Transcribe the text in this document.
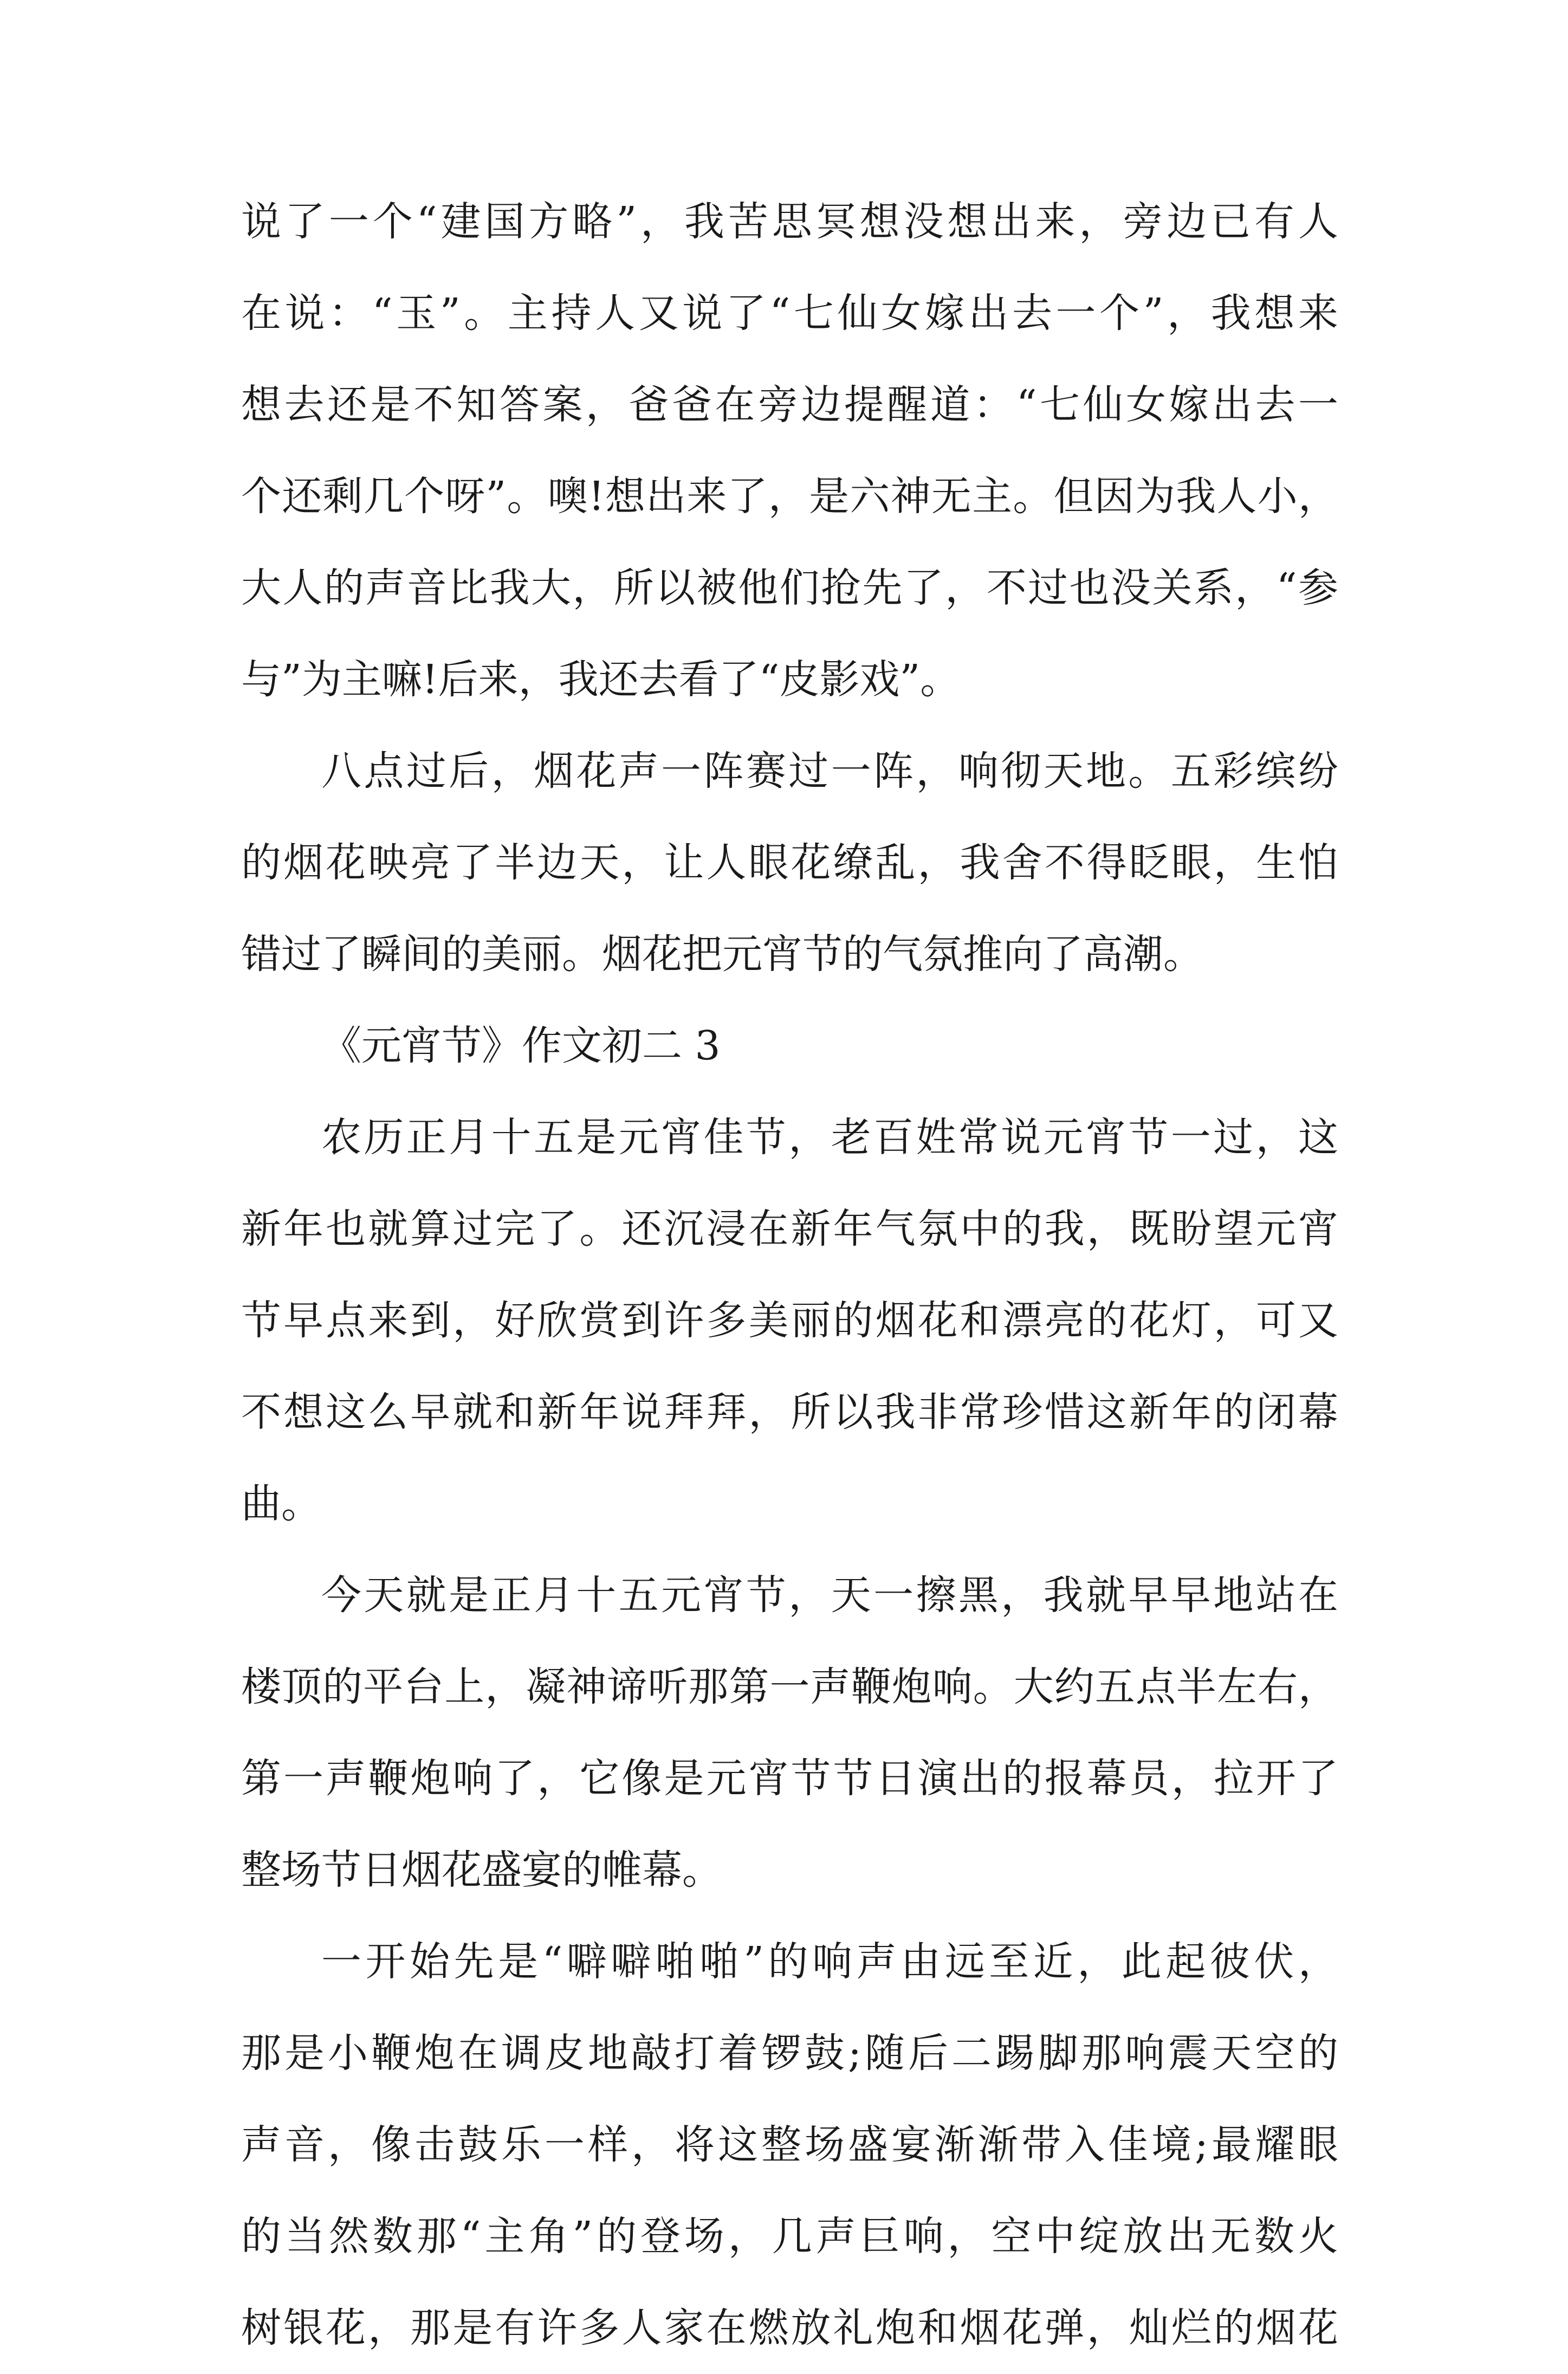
说了一个“建国方略”，我苦思冥想没想出来，旁边已有人
在说：“玉”。主持人又说了“七仙女嫁出去一个”，我想来
想去还是不知答案，爸爸在旁边提醒道：“七仙女嫁出去一
个还剩几个呀”。噢!想出来了，是六神无主。但因为我人小，
大人的声音比我大，所以被他们抢先了，不过也没关系，“参
与”为主嘛!后来，我还去看了“皮影戏”。
八点过后，烟花声一阵赛过一阵，响彻天地。五彩缤纷
的烟花映亮了半边天，让人眼花缭乱，我舍不得眨眼，生怕
错过了瞬间的美丽。烟花把元宵节的气氛推向了高潮。
《元宵节》作文初二 3
农历正月十五是元宵佳节，老百姓常说元宵节一过，这
新年也就算过完了。还沉浸在新年气氛中的我，既盼望元宵
节早点来到，好欣赏到许多美丽的烟花和漂亮的花灯，可又
不想这么早就和新年说拜拜，所以我非常珍惜这新年的闭幕
曲。
今天就是正月十五元宵节，天一擦黑，我就早早地站在
楼顶的平台上，凝神谛听那第一声鞭炮响。大约五点半左右，
第一声鞭炮响了，它像是元宵节节日演出的报幕员，拉开了
整场节日烟花盛宴的帷幕。
一开始先是“噼噼啪啪”的响声由远至近，此起彼伏，
那是小鞭炮在调皮地敲打着锣鼓;随后二踢脚那响震天空的
声音，像击鼓乐一样，将这整场盛宴渐渐带入佳境;最耀眼
的当然数那“主角”的登场，几声巨响，空中绽放出无数火
树银花，那是有许多人家在燃放礼炮和烟花弹，灿烂的烟花
